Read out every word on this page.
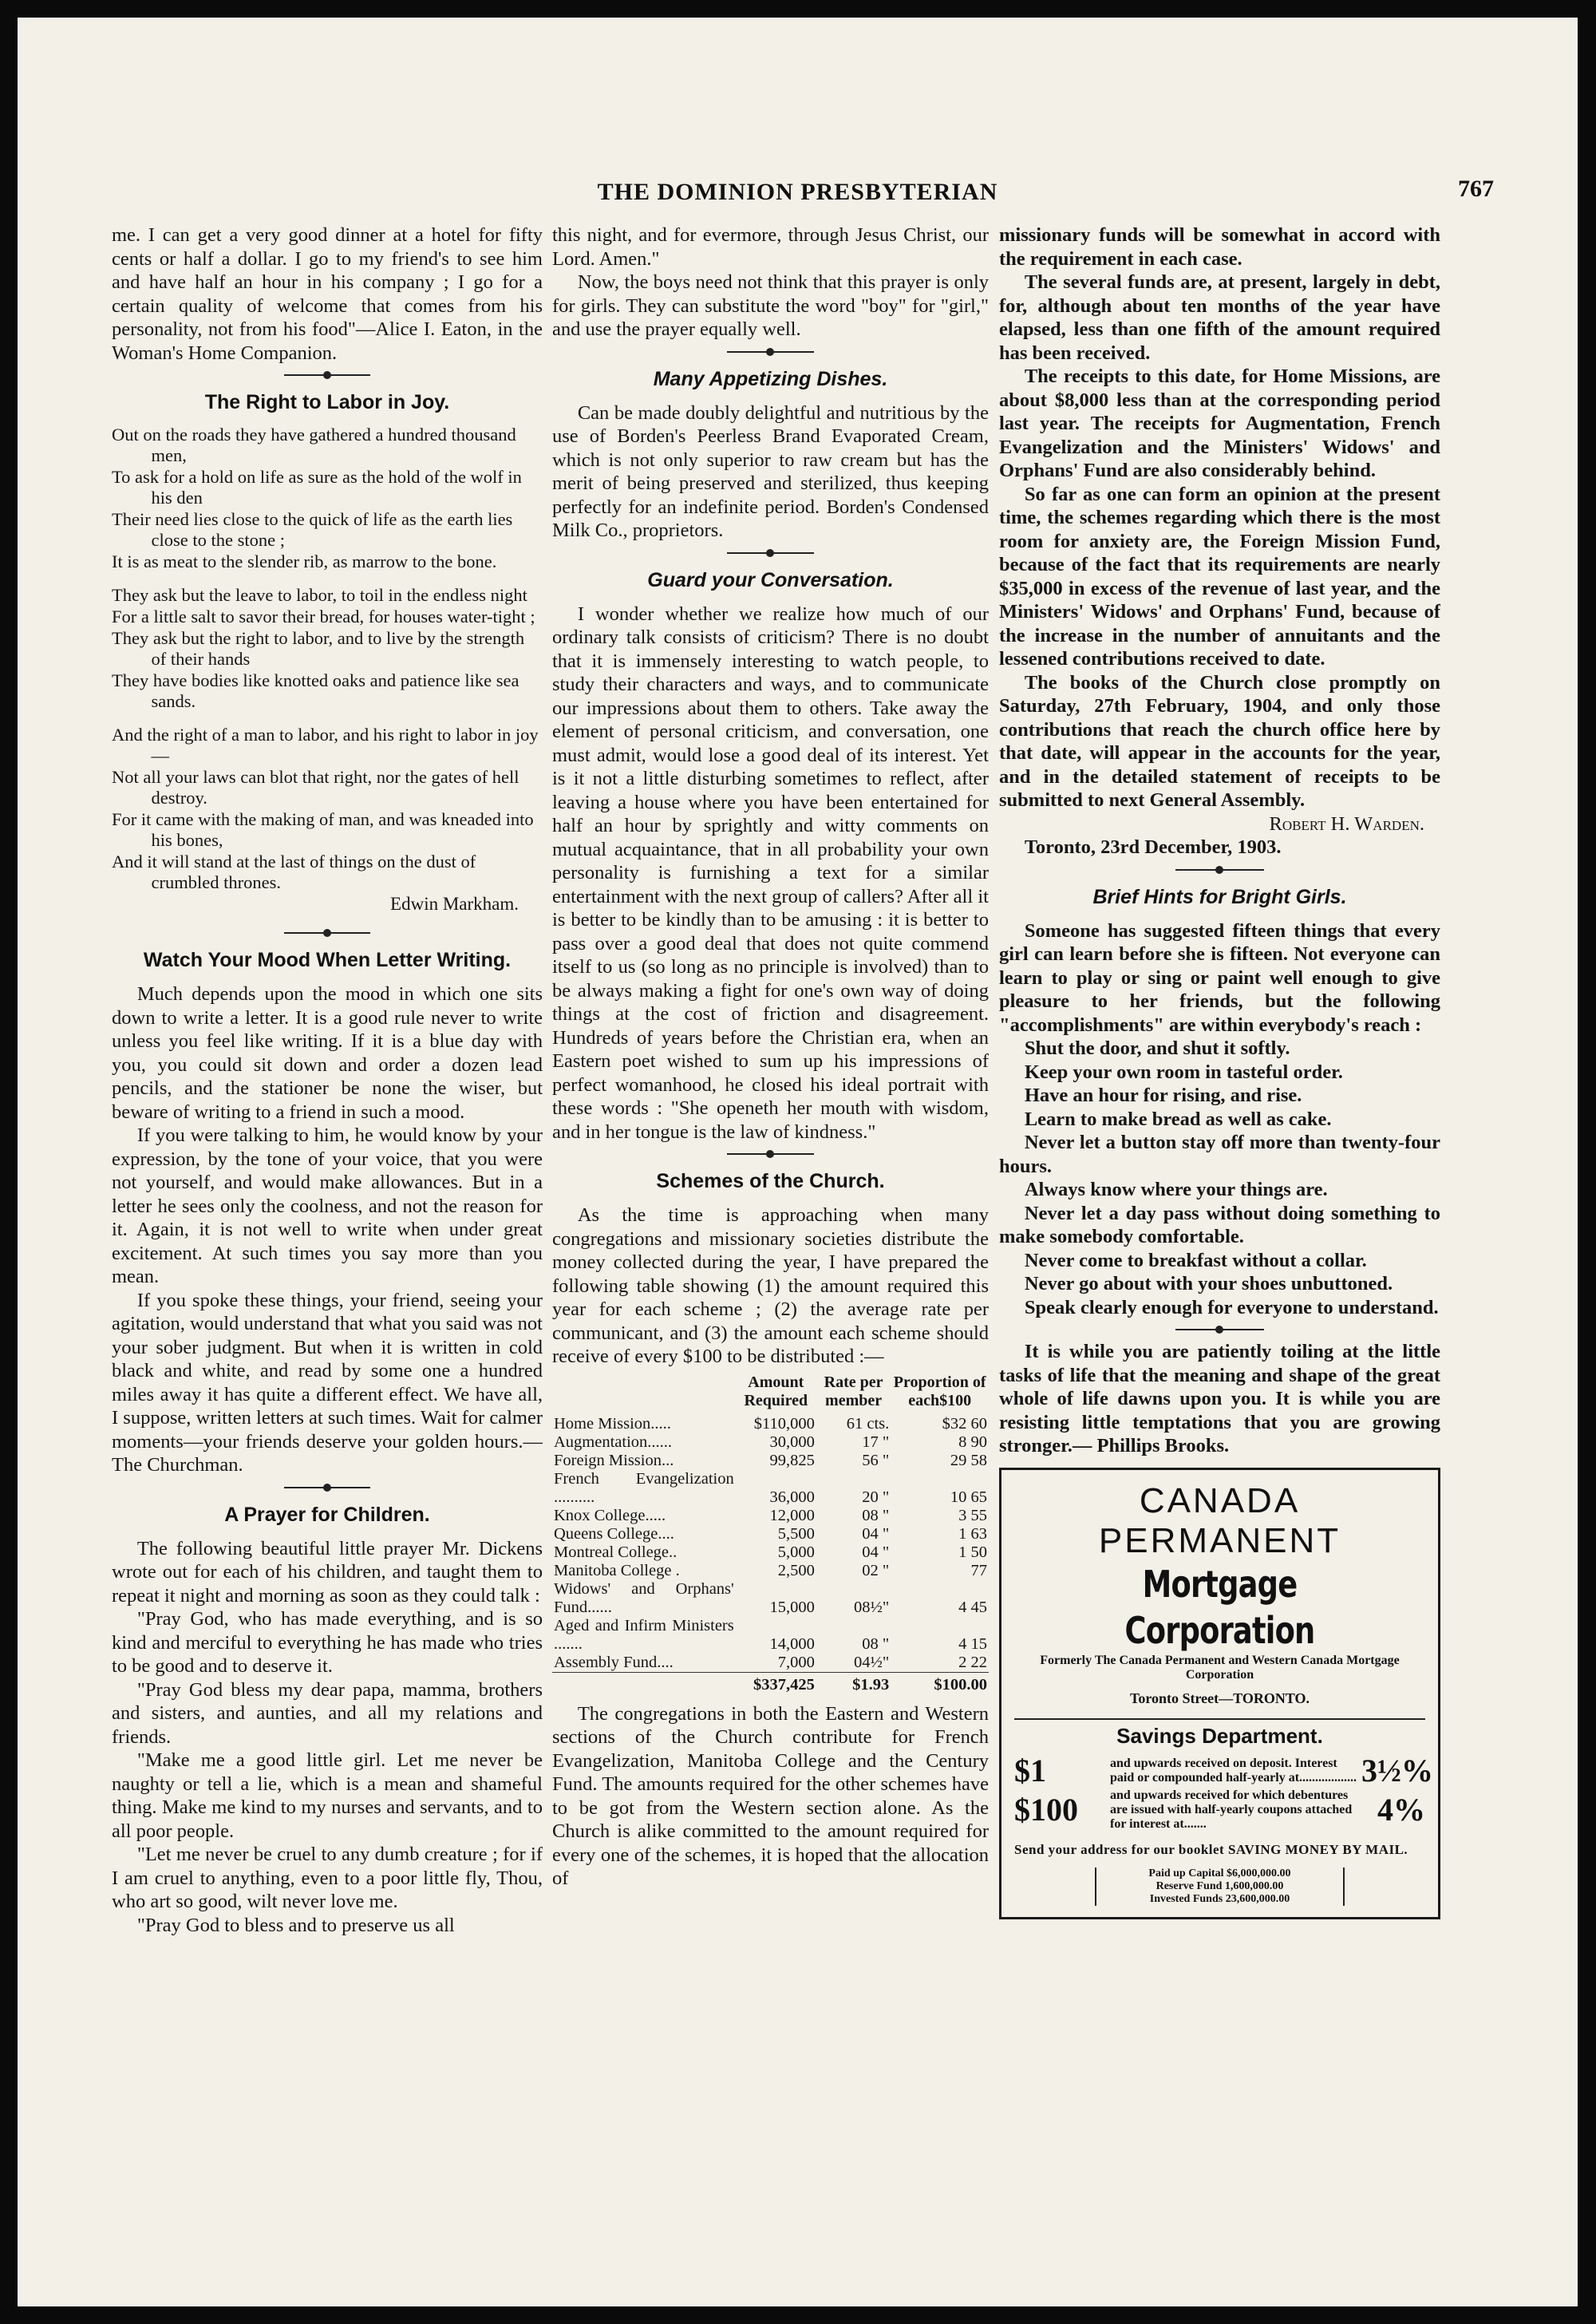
THE DOMINION PRESBYTERIAN	767

me. I can get a very good dinner at a hotel for fifty cents or half a dollar. I go to my friend's to see him and have half an hour in his company ; I go for a certain quality of welcome that comes from his personality, not from his food"—Alice I. Eaton, in the Woman's Home Companion.

The Right to Labor in Joy.
Out on the roads they have gathered a hundred thousand men,
To ask for a hold on life as sure as the hold of the wolf in his den
Their need lies close to the quick of life as the earth lies close to the stone ;
It is as meat to the slender rib, as marrow to the bone.
They ask but the leave to labor, to toil in the endless night
For a little salt to savor their bread, for houses water-tight ;
They ask but the right to labor, and to live by the strength of their hands
They have bodies like knotted oaks and patience like sea sands.
And the right of a man to labor, and his right to labor in joy—
Not all your laws can blot that right, nor the gates of hell destroy.
For it came with the making of man, and was kneaded into his bones,
And it will stand at the last of things on the dust of crumbled thrones.
Edwin Markham.
Watch Your Mood When Letter Writing.

Much depends upon the mood in which one sits down to write a letter. It is a good rule never to write unless you feel like writing. If it is a blue day with you, you could sit down and order a dozen lead pencils, and the stationer be none the wiser, but beware of writing to a friend in such a mood.

If you were talking to him, he would know by your expression, by the tone of your voice, that you were not yourself, and would make allowances. But in a letter he sees only the coolness, and not the reason for it. Again, it is not well to write when under great excitement. At such times you say more than you mean.

If you spoke these things, your friend, seeing your agitation, would understand that what you said was not your sober judgment. But when it is written in cold black and white, and read by some one a hundred miles away it has quite a different effect. We have all, I suppose, written letters at such times. Wait for calmer moments—your friends deserve your golden hours.—The Churchman.

A Prayer for Children.

The following beautiful little prayer Mr. Dickens wrote out for each of his children, and taught them to repeat it night and morning as soon as they could talk :

"Pray God, who has made everything, and is so kind and merciful to everything he has made who tries to be good and to deserve it.

"Pray God bless my dear papa, mamma, brothers and sisters, and aunties, and all my relations and friends.

"Make me a good little girl. Let me never be naughty or tell a lie, which is a mean and shameful thing. Make me kind to my nurses and servants, and to all poor people.

"Let me never be cruel to any dumb creature ; for if I am cruel to anything, even to a poor little fly, Thou, who art so good, wilt never love me.

"Pray God to bless and to preserve us all

this night, and for evermore, through Jesus Christ, our Lord. Amen."

Now, the boys need not think that this prayer is only for girls. They can substitute the word "boy" for "girl," and use the prayer equally well.

Many Appetizing Dishes.

Can be made doubly delightful and nutritious by the use of Borden's Peerless Brand Evaporated Cream, which is not only superior to raw cream but has the merit of being preserved and sterilized, thus keeping perfectly for an indefinite period. Borden's Condensed Milk Co., proprietors.

Guard your Conversation.

I wonder whether we realize how much of our ordinary talk consists of criticism? There is no doubt that it is immensely interesting to watch people, to study their characters and ways, and to communicate our impressions about them to others. Take away the element of personal criticism, and conversation, one must admit, would lose a good deal of its interest. Yet is it not a little disturbing sometimes to reflect, after leaving a house where you have been entertained for half an hour by sprightly and witty comments on mutual acquaintance, that in all probability your own personality is furnishing a text for a similar entertainment with the next group of callers? After all it is better to be kindly than to be amusing : it is better to pass over a good deal that does not quite commend itself to us (so long as no principle is involved) than to be always making a fight for one's own way of doing things at the cost of friction and disagreement. Hundreds of years before the Christian era, when an Eastern poet wished to sum up his impressions of perfect womanhood, he closed his ideal portrait with these words : "She openeth her mouth with wisdom, and in her tongue is the law of kindness."

Schemes of the Church.

As the time is approaching when many congregations and missionary societies distribute the money collected during the year, I have prepared the following table showing (1) the amount required this year for each scheme ; (2) the average rate per communicant, and (3) the amount each scheme should receive of every $100 to be distributed :—

	Amount Required	Rate per member	Proportion of each$100
Home Mission.....	$110,000	61 cts.	$32 60
Augmentation......	30,000	17 "	8 90
Foreign Mission...	99,825	56 "	29 58
French Evangelization ..........	36,000	20 "	10 65
Knox College.....	12,000	08 "	3 55
Queens College....	5,500	04 "	1 63
Montreal College..	5,000	04 "	1 50
Manitoba College .	2,500	02 "	77
Widows' and Orphans' Fund......	15,000	08½"	4 45
Aged and Infirm Ministers .......	14,000	08 "	4 15
Assembly Fund....	7,000	04½"	2 22
	$337,425	$1.93	$100.00

The congregations in both the Eastern and Western sections of the Church contribute for French Evangelization, Manitoba College and the Century Fund. The amounts required for the other schemes have to be got from the Western section alone. As the Church is alike committed to the amount required for every one of the schemes, it is hoped that the allocation of

missionary funds will be somewhat in accord with the requirement in each case.

The several funds are, at present, largely in debt, for, although about ten months of the year have elapsed, less than one fifth of the amount required has been received.

The receipts to this date, for Home Missions, are about $8,000 less than at the corresponding period last year. The receipts for Augmentation, French Evangelization and the Ministers' Widows' and Orphans' Fund are also considerably behind.

So far as one can form an opinion at the present time, the schemes regarding which there is the most room for anxiety are, the Foreign Mission Fund, because of the fact that its requirements are nearly $35,000 in excess of the revenue of last year, and the Ministers' Widows' and Orphans' Fund, because of the increase in the number of annuitants and the lessened contributions received to date.

The books of the Church close promptly on Saturday, 27th February, 1904, and only those contributions that reach the church office here by that date, will appear in the accounts for the year, and in the detailed statement of receipts to be submitted to next General Assembly.

Robert H. Warden.

Toronto, 23rd December, 1903.

Brief Hints for Bright Girls.

Someone has suggested fifteen things that every girl can learn before she is fifteen. Not everyone can learn to play or sing or paint well enough to give pleasure to her friends, but the following "accomplishments" are within everybody's reach :

Shut the door, and shut it softly.

Keep your own room in tasteful order.

Have an hour for rising, and rise.

Learn to make bread as well as cake.

Never let a button stay off more than twenty-four hours.

Always know where your things are.

Never let a day pass without doing something to make somebody comfortable.

Never come to breakfast without a collar.

Never go about with your shoes unbuttoned.

Speak clearly enough for everyone to understand.

It is while you are patiently toiling at the little tasks of life that the meaning and shape of the great whole of life dawns upon you. It is while you are resisting little temptations that you are growing stronger.— Phillips Brooks.

CANADA
PERMANENT
Mortgage Corporation
Formerly The Canada Permanent and Western Canada Mortgage Corporation
Toronto Street—TORONTO.
Savings Department.
$1	and upwards received on deposit. Interest paid or compounded half-yearly at.................. 3½%
$100	and upwards received for which debentures are issued with half-yearly coupons attached for interest at.......	4%
Send your address for our booklet SAVING MONEY BY MAIL.
Paid up Capital $6,000,000.00
Reserve Fund 1,600,000.00
Invested Funds 23,600,000.00
